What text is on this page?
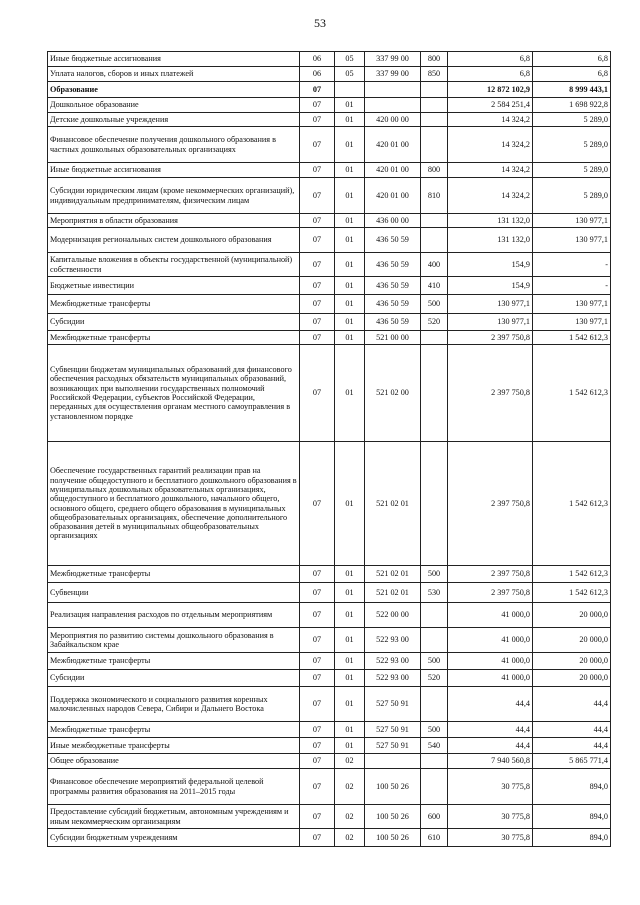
53
Иные бюджетные ассигнования	06	05	337 99 00	800	6,8	6,8
Уплата налогов, сборов и иных платежей	06	05	337 99 00	850	6,8	6,8
Образование	07				12 872 102,9	8 999 443,1
Дошкольное образование	07	01			2 584 251,4	1 698 922,8
Детские дошкольные учреждения	07	01	420 00 00		14 324,2	5 289,0
Финансовое обеспечение получения дошкольного образования в частных дошкольных образовательных организациях	07	01	420 01 00		14 324,2	5 289,0
Иные бюджетные ассигнования	07	01	420 01 00	800	14 324,2	5 289,0
Субсидии юридическим лицам (кроме некоммерческих организаций), индивидуальным предпринимателям, физическим лицам	07	01	420 01 00	810	14 324,2	5 289,0
Мероприятия в области образования	07	01	436 00 00		131 132,0	130 977,1
Модернизация региональных систем дошкольного образования	07	01	436 50 59		131 132,0	130 977,1
Капитальные вложения в объекты государственной (муниципальной) собственности	07	01	436 50 59	400	154,9	-
Бюджетные инвестиции	07	01	436 50 59	410	154,9	-
Межбюджетные трансферты	07	01	436 50 59	500	130 977,1	130 977,1
Субсидии	07	01	436 50 59	520	130 977,1	130 977,1
Межбюджетные трансферты	07	01	521 00 00		2 397 750,8	1 542 612,3
Субвенции бюджетам муниципальных образований для финансового обеспечения расходных обязательств муниципальных образований, возникающих при выполнении государственных полномочий Российской Федерации, субъектов Российской Федерации, переданных для осуществления органам местного самоуправления в установленном порядке	07	01	521 02 00		2 397 750,8	1 542 612,3
Обеспечение государственных гарантий реализации прав на получение общедоступного и бесплатного дошкольного образования в муниципальных дошкольных образовательных организациях, общедоступного и бесплатного дошкольного, начального общего, основного общего, среднего общего образования в муниципальных общеобразовательных организациях, обеспечение дополнительного образования детей в муниципальных общеобразовательных организациях	07	01	521 02 01		2 397 750,8	1 542 612,3
Межбюджетные трансферты	07	01	521 02 01	500	2 397 750,8	1 542 612,3
Субвенции	07	01	521 02 01	530	2 397 750,8	1 542 612,3
Реализация направления расходов по отдельным мероприятиям	07	01	522 00 00		41 000,0	20 000,0
Мероприятия по развитию системы дошкольного образования в Забайкальском крае	07	01	522 93 00		41 000,0	20 000,0
Межбюджетные трансферты	07	01	522 93 00	500	41 000,0	20 000,0
Субсидии	07	01	522 93 00	520	41 000,0	20 000,0
Поддержка экономического и социального развития коренных малочисленных народов Севера, Сибири и Дальнего Востока	07	01	527 50 91		44,4	44,4
Межбюджетные трансферты	07	01	527 50 91	500	44,4	44,4
Иные межбюджетные трансферты	07	01	527 50 91	540	44,4	44,4
Общее образование	07	02			7 940 560,8	5 865 771,4
Финансовое обеспечение мероприятий федеральной целевой программы развития образования на 2011–2015 годы	07	02	100 50 26		30 775,8	894,0
Предоставление субсидий бюджетным, автономным учреждениям и иным некоммерческим организациям	07	02	100 50 26	600	30 775,8	894,0
Субсидии бюджетным учреждениям	07	02	100 50 26	610	30 775,8	894,0
